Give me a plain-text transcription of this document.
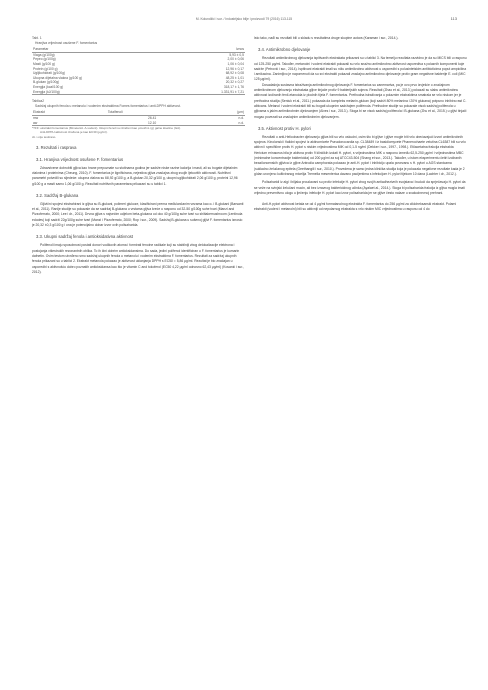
M. Kolundžić i sur. / Industrijsko bilje i proizvodi 79 (2016) 113-115	113
Tabl. 1
Hranjiva vrijednost osušene F. fomentarius
Parametar	Iznos
Vlaga (g/100g)	5,93 ± 0,5
Pepeo (g/100g)	2,00 ± 0,06
Masti (g/100 g)	1,06 ± 0,04
Protein (g/100 g)	12,96 ± 0,17
Ugljikohidrati (g/100g)	68,92 ± 0,08
Ukupna dijetalna vlakna (g/100 g)	48,25 ± 1,01
B-glukan (g/100g)	20,32 ± 0,27
Energija (kcal/100 g)	318,17 ± 1,76
Energija (kJ/100g)	1.331,91 ± 7,21
Tablica2
Sadržaj ukupnih fenola u metanolu i vodenim ekstraktima Fomes fomentarius i anti-DPPH aktivnost.
Ekstrakt	Totalfenoli	(μm)
mw	26.41	n.d.
aw	12.10	n.d.
*TFF: ekstrakti fomentarius (Mmeteriol. A-vodeni). Ukupni fenoli su izraženi kao μmol/mL (g) galne kiseline (GA).
Anti-DPPH aktivnost izražena je kao EC30 (μg/ml).
cti. i-nije testirano.
3. Rezultati i rasprava
3.1. Hranjiva vrijednost osušene F. fomentarius

Zdravstvene dobrobiti gljiva kao hrane prepoznate su stotinama godina jer sadrže niske razine kalorija i masti, ali su bogate dijetalnim vlaknima i proteinima (Cheung, 2010). F. fomentarius je lignificirana, nejestiva gljiva značajna zbog svojih ljekovitih aktivnosti. Nutritivni parametri potvrdili su sljedeće: ukupna vlakna su 68,92 g/100 g, a B-glukan 20,32 g/100 g, ukupni ugljikohidrati 2,06 g/100 g, proteini 12,96 g/100 g a masti samo 1,06 g/100 g. Rezultati nutritivnih parametara prikazani su u tablici 1.

3.2. Sadržaj B-glukana

Gljivični spojevi ekstrahirani iz gljiva su B-glukani, polimeri glukoze, klasificirani prema međulančanim vezama kao α- i B-glukani (Barsanti et al., 2011). Ranije studije su pokazale da se sadržaj B-glukana u vrstama gljiva kreće u rasponu od 32-50 g/100g suhe tvari (Manzi and Pizzoferrato, 2000; Lee i dr., 2011). Drvna gljiva s najvećim udjelom beta-glukana od oko 40 g/100g suhe tvari su shiitakemushroom (Lentinula edodes) koji sadrži 22g/100g suhe tvari (Manzi i Pizzoferrato, 2000; Rop i sur., 2009). Sadržaj B-glukana u sušenoj gljivi F. fomentarius iznosio je 20,32 ±0,3 g/100 g i ona je potencijalno dobar izvor ovih polisaharida.

3.3. Ukupni sadržaj fenola i antioksidativna aktivnost

Polifenoli imaju sposobnost postati donori vodikovih atoma i formirati fenolne radikale koji su stabilniji zbog delokalizacije elektrona i postojanja višestrukih rezonantnih oblika. To ih čini dobrim antioksidansima. Do sada, jedini polifenol identificiran u F. fomentarius je kumarin dafnetin. Ovim testom utvrđeno smo sadržaj ukupnih fenola u metanolu i vodenim ekstraktima F. fomentarius. Rezultati za sadržaj ukupnih fenola prikazani su u tablici 2. Ekstrakt metanola pokazao je aktivnost uklanjanja DPPH s EC50 = 5,86 μg/ml. Rezultat je bio značajan u usporedbi s aktivnošću dobro poznatih antioksidansa kao što je vitamin C and tokoferol (EC50 4,22 μg/ml odnosno 62,43 μg/ml) (Kosanić i sur., 2012).

Isto tako, nađi su rezultati bili u skladu s rezultatima druge skupine autora (Karaman i sur., 2014.).

3.4. Antimikrobno djelovanje

Rezultati antimikrobnog djelovanja ispitivanih ekstrakata prikazani su u tablici 3. Na temelju rezultata razvidno je da su MICS bili u rasponu od 125-250 μg/ml. Također, metanolni i vodeni ekstrakti pokazali su vrlo snažno antimikrobno aktivnost usporediva s polaznih komponenti koje sadrže (Petrović i sur., 2014). Ispitivani ekstrakti imali su nižu antimikrobno aktivnost u usporedbi s polusintetskim antibioticima poput ampicilina i amikacina. Zanimljivo je napomenuti da su svi ekstrakti pokazali značajno antimikrobno djelovanje protiv gram negativne bakterije E. coli (MIC 125 μg/ml).

Dosadašnja sustavna istraživanja antimikrobnog djelovanja F. fomentarius su zanemariva, pa je ovo prvo izvješće o značajnom antimikrobnom djelovanju ekstrakata gljive tinjače protiv 9 bakterijskih sojeva. Rezultati (Zhao et al., 2013.) pokazali su slabu antimikrobnu aktivnost izoliranih fenil-etanoida iz plodnih tijela F. fomentarius. Prethodna istraživanja u polaznim ekstraktima smatrala se vrlo niskom jer je prethodna studija (Seniuk et al., 2011.) pokazala da kompleks melanin-glukan (koji sadrži 80% melanina i 20% glukana) potpuno inhibira rast C. albicans. Metanol i vodeni ekstrakti bili su bogati ukupnim sadržajem polifenola. Prethodne studije su pokazale visok sadržaj polifenola u gljivama s jakim antimikrobnim djelovanjem (Alves i sur., 2013.). Stoga bi se visok sadržaj polifenola i B-glukana (Zhu et al., 2015.) u gljivi tinjači mogao povezati sa značajnim antimikrobnim djelovanjem.

3.5. Aktivnost protiv H. pylori

Rezultati o anti-Helicobacter djelovanju gljiva bili su vrlo oskudni, osim što bi gljive i gljive mogle biti vrlo obećavajući izvori antimikrobnih spojeva. Kinolonski i fialidni spojevi iz aktinomicete Pseudonocardia sp. CL38489 i iz basidiomycete Phanerochaete velutina CL6387 bili su vrlo aktivni i specifične protiv H. pylori s niskim vrijednostima MIK od 0,1-5 ng/ml (Dekker i sur., 1997., 1998.). Etilacetatna frakcija ekstrakta Hericium erinaceus bila je aktivna protiv 9 kliničkih izolati H. pylori, s vrijednostima MIK u rasponu između 62,5-250 μg/ml i vrijednostima MBC (minimalne koncentracije baktericida) od 200 μg/ml za soj ATCC43-504 (Shang et sur., 2013.). Također, u istom eksperimentu četiri izoliranih beaziloncenskih gljivica iz gljive Antrodia camphorata pokazao je anti-H. pylori i inhibicijo upala povezanu s H. pylori u AGS stanicama (sukladno želučanog epitela (Geethangili i sur., 2010.). Provedena je samo jedna klinička studija koja je pokazala negativne rezultate kada je 2 g/dan uronjeno kultiviranog micelija Tremella mesenterica davano pacijentima s infekcijom H. pylori tijekom 10 dana (Lachter i dr., 2012.).

Polisaharidi iz algi i biljaka proučavani su protiv infekcije H. pylori zbog svojih antiadhezivnih svojstava i budući da sprječavaju H. pylori da se veže na svinjski želučani mucin, ali bez izravnog baktericidnog učinka (Ayalaet al., 2014.). Stoga bi polisaharida frakcija iz gljiva mogla imati vrijednu preventivnu ulogu u lječenju infekcije H. pylori kao izvor polisaharida jer se gljive često nalaze u svakodnevnoj prehrani.

Anti-H.pylori aktivnost ketala se od 4 μg/ml formatanolnog ekstrakta F. fomentarius do 256 μg/ml za cikloheksanski ekstrakt. Polarni ekstrakti (vodeni i metanolni) bili su aktivniji od nepolarnog ekstrakta s vrlo niskim MIC vrijednostima u rasponu od 4 do
